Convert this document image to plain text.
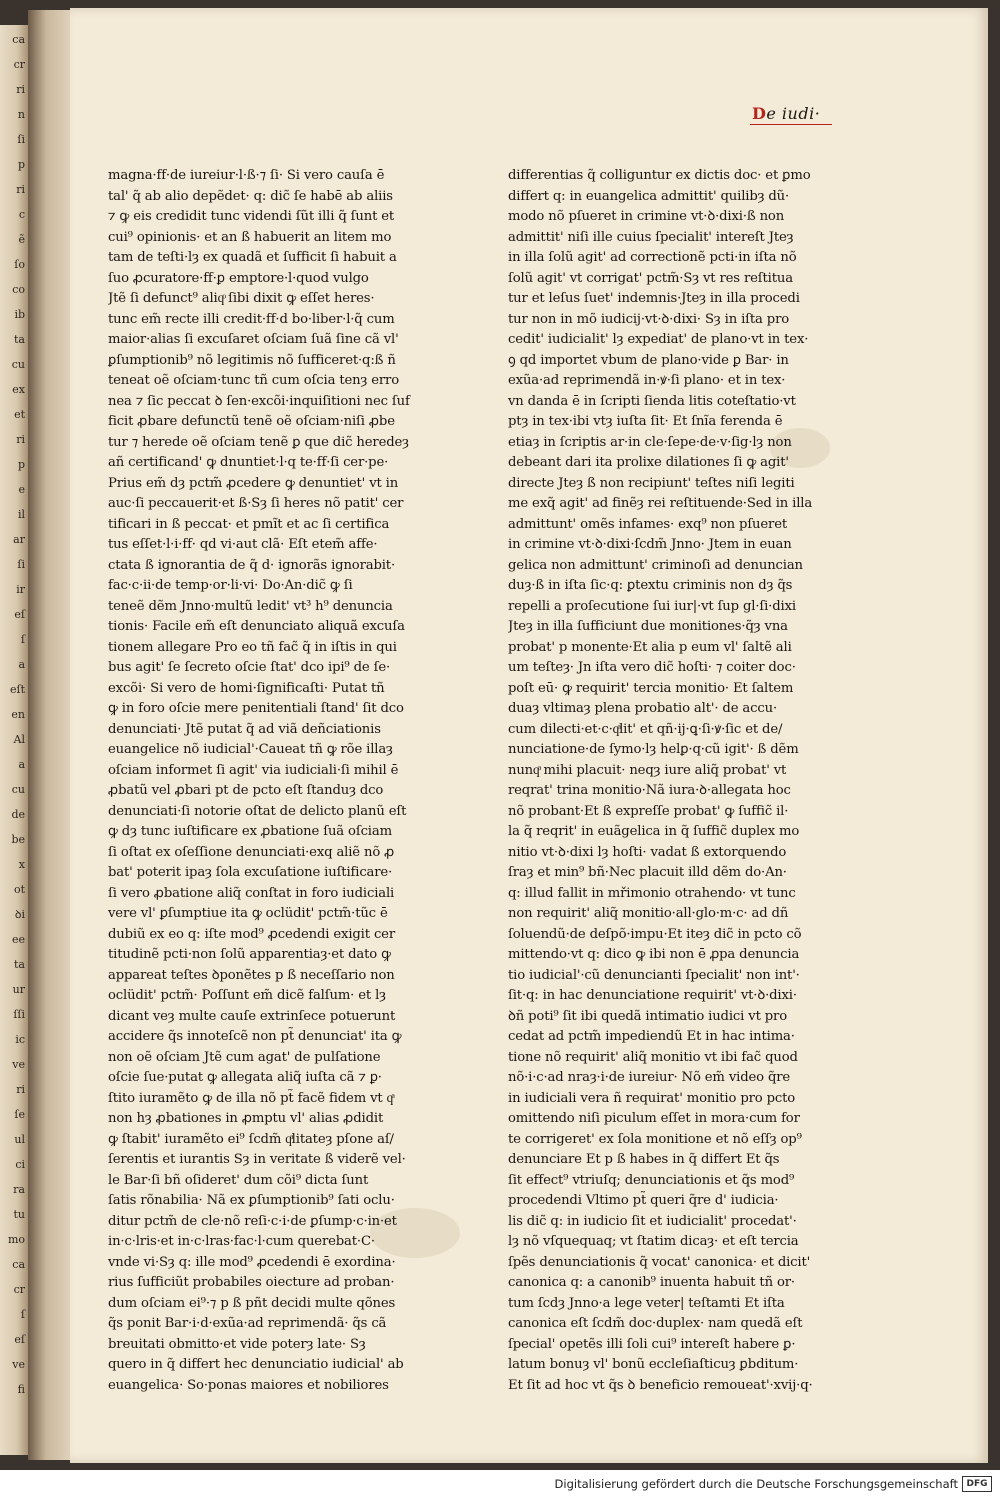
ca
cr
ri
n
ſi
p
ri
c
ẽ
ſo
co
ib
ta
cu
ex
et
ri
p
e
il
ar
ſi
ir
eſ
ſ
a
eſt
en
Al
a
cu
de
be
x
ot
ꝺi
ee
ta
ur
ſſi
ic
ve
ri
ſe
ul
ci
ra
tu
mo
ca
cr
ſ
eſ
ve
fi
De iudi·
magna·ff·de iureiur·l·ß·⁊ ſi· Si vero cauſa ē
tal' q̃ ab alio depẽdet· q: dic̃ ſe habē ab aliis
⁊ ꝙ eis credidit tunc videndi ſũt illi q̃ ſunt et
cui⁹ opinionis· et an ß habuerit an litem mo
tam de teſti·lȝ ex quadã et ſufficit ſi habuit a
ſuo ꝓcuratore·ff·ꝑ emptore·l·quod vulgo
Jtẽ ſi defunct⁹ aliqͦ ſibi dixit ꝙ eſſet heres·
tunc em̃ recte illi credit·ff·d bo·liber·l·q̃ cum
maior·alias ſi excuſaret oſciam ſuã ſine cã vl'
ꝑſumptionib⁹ nõ legitimis nõ ſufficeret·q:ß ñ
teneat oẽ oſciam·tunc tñ cum oſcia tenȝ erro
nea ⁊ ſic peccat ꝺ ſen·excõi·inquiſitioni nec ſuf
ficit ꝓbare defunctũ tenẽ oẽ oſciam·niſi ꝓbe
tur ⁊ herede oẽ oſciam tenẽ ꝑ que dic̃ heredeȝ
añ certificand' ꝙ dnuntiet·l·q te·ff·ſi cer·pe·
Prius em̃ dȝ pctm̃ ꝓcedere ꝙ denuntiet' vt in
auc·ſi peccauerit·et ß·Sȝ ſi heres nõ patit' cer
tificari in ß peccat· et pmĩt et ac ſi certifica
tus eſſet·l·i·ff· qd vi·aut clã· Eſt etem̃ affe·
ctata ß ignorantia de q̃ d· ignorãs ignorabit·
fac·c·ii·de temp·or·li·vi· Do·An·dic̃ ꝙ ſi
teneẽ dẽm Jnno·multũ ledit' vt³ h⁹ denuncia
tionis· Facile em̃ eſt denunciato aliquã excuſa
tionem allegare Pro eo tñ fac̃ q̃ in iſtis in qui
bus agit' ſe ſecreto oſcie ſtat' dco ipi⁹ de ſe·
excõi· Si vero de homi·ſignificaſti· Putat tñ
ꝙ in foro oſcie mere penitentiali ſtand' ſit dco
denunciati· Jtẽ putat q̃ ad viã deñciationis
euangelice nõ iudicial'·Caueat tñ ꝙ rõe illaȝ
oſciam informet ſi agit' via iudiciali·ſi mihil ē
ꝓbatũ vel ꝓbari pt de pcto eſt ſtanduȝ dco
denunciati·ſi notorie oſtat de delicto planũ eſt
ꝙ dȝ tunc iuſtificare ex ꝓbatione ſuã oſciam
ſi oſtat ex oſeſſione denunciati·exq aliẽ nõ ꝓ
bat' poterit ipaȝ ſola excuſatione iuſtificare·
ſi vero ꝓbatione aliq̃ conſtat in foro iudiciali
vere vl' ꝑſumptiue ita ꝙ oclüdit' pctm̃·tũc ē
dubiũ ex eo q: iſte mod⁹ ꝓcedendi exigit cer
titudinẽ pcti·non ſolũ apparentiaȝ·et dato ꝙ
appareat teſtes ꝺponẽtes p ß neceſſario non
oclüdit' pctm̃· Poſſunt em̃ dicẽ falſum· et lȝ
dicant veȝ multe cauſe extrinſece potuerunt
accidere q̃s innoteſcẽ non pt̃ denunciat' ita ꝙ
non oẽ oſciam Jtẽ cum agat' de pulſatione
oſcie ſue·putat ꝙ allegata aliq̃ iuſta cã ⁊ ꝑ·
ſtito iuramẽto ꝙ de illa nõ pt̃ facẽ fidem vt qͣ
non hȝ ꝓbationes in ꝓmptu vl' alias ꝓdidit
ꝙ ſtabit' iuramẽto ei⁹ ſcdm̃ qͣlitateȝ pſone aſ/
ſerentis et iurantis Sȝ in veritate ß viderẽ vel·
le Bar·ſi bñ oſideret' dum cõi⁹ dicta ſunt
ſatis rõnabilia· Nã ex ꝑſumptionib⁹ ſati oclu·
ditur pctm̃ de cle·nõ reſi·c·i·de ꝑſump·c·in·et
in·c·lris·et in·c·lras·fac·l·cum querebat·C·
vnde vi·Sȝ q: ille mod⁹ ꝓcedendi ē exordina·
rius ſufficiũt probabiles oiecture ad proban·
dum oſciam ei⁹·⁊ p ß pñt decidi multe qõnes
q̃s ponit Bar·i·d·exũa·ad reprimendã· q̃s cã
breuitati obmitto·et vide poterȝ late· Sȝ
quero in q̃ differt hec denunciatio iudicial' ab
euangelica· So·ponas maiores et nobiliores
differentias q̃ colliguntur ex dictis doc· et ꝑmo
differt q: in euangelica admittit' quilibȝ dũ·
modo nõ pſueret in crimine vt·ꝺ·dixi·ß non
admittit' niſi ille cuius ſpecialit' intereſt Jteȝ
in illa ſolũ agit' ad correctionẽ pcti·in iſta nõ
ſolũ agit' vt corrigat' pctm̃·Sȝ vt res reſtitua
tur et leſus ſuet' indemnis·Jteȝ in illa procedi
tur non in mõ iudicij·vt·ꝺ·dixi· Sȝ in iſta pro
cedit' iudicialit' lȝ expediat' de plano·vt in tex·
ꝯ qd importet vbum de plano·vide ꝑ Bar· in
exũa·ad reprimendã in·ꝟ·ſi plano· et in tex·
vn danda ē in ſcripti ſienda litis coteſtatio·vt
ptȝ in tex·ibi vtȝ iuſta ſit· Et ſnĩa ferenda ē
etiaȝ in ſcriptis ar·in cle·ſepe·de·v·ſig·lȝ non
debeant dari ita prolixe dilationes ſi ꝙ agit'
directe Jteȝ ß non recipiunt' teſtes niſi legiti
me exq̃ agit' ad finẽȝ rei reſtituende·Sed in illa
admittunt' omẽs infames· exq⁹ non pſueret
in crimine vt·ꝺ·dixi·ſcdm̃ Jnno· Jtem in euan
gelica non admittunt' criminoſi ad denuncian
duȝ·ß in iſta ſic·q: ꝑtextu criminis non dȝ q̃s
repelli a proſecutione ſui iur|·vt ſup gl·ſi·dixi
Jteȝ in illa ſufficiunt due monitiones·q̃ȝ vna
probat' p monente·Et alia p eum vl' ſaltẽ ali
um teſteȝ· Jn iſta vero dic̃ hoſti· ⁊ coiter doc·
poſt eū· ꝙ requirit' tercia monitio· Et ſaltem
duaȝ vltimaȝ plena probatio alt'· de accu·
cum dilecti·et·c·qͣlit' et qñ·ij·ꝗ·ſi·ꝟ·ſic et de/
nunciatione·de ſymo·lȝ helꝑ·q·cũ igit'· ß dẽm
nunqͣ mihi placuit· neqȝ iure aliq̃ probat' vt
reqrat' trina monitio·Nã iura·ꝺ·allegata hoc
nõ probant·Et ß expreſſe probat' ꝙ ſuffic̃ il·
la q̃ reqrit' in euãgelica in q̃ ſuffic̃ duplex mo
nitio vt·ꝺ·dixi lȝ hoſti· vadat ß extorquendo
ſraȝ et min⁹ bñ·Nec placuit illd dẽm do·An·
q: illud fallit in mřimonio otrahendo· vt tunc
non requirit' aliq̃ monitio·all·glo·m·c· ad dñ
ſoluendũ·de deſpõ·impu·Et iteȝ dic̃ in pcto cõ
mittendo·vt q: dico ꝙ ibi non ē ꝓpa denuncia
tio iudicial'·cũ denuncianti ſpecialit' non int'·
ſit·q: in hac denunciatione requirit' vt·ꝺ·dixi·
ꝺñ poti⁹ ſit ibi quedã intimatio iudici vt pro
cedat ad pctm̃ impediendũ Et in hac intima·
tione nõ requirit' aliq̃ monitio vt ibi fac̃ quod
nõ·i·c·ad nraȝ·i·de iureiur· Nõ em̃ video q̃re
in iudiciali vera ñ requirat' monitio pro pcto
omittendo niſi piculum eſſet in mora·cum for
te corrigeret' ex ſola monitione et nõ eſſȝ op⁹
denunciare Et p ß habes in q̃ differt Et q̃s
ſit effect⁹ vtriuſq; denunciationis et q̃s mod⁹
procedendi Vltimo pt̃ queri q̃re d' iudicia·
lis dic̃ q: in iudicio ſit et iudicialit' procedat'·
lȝ nõ vſquequaq; vt ſtatim dicaȝ· et eſt tercia
ſpẽs denunciationis q̃ vocat' canonica· et dicit'
canonica q: a canonib⁹ inuenta habuit tñ or·
tum ſcdȝ Jnno·a lege veter| teſtamti Et iſta
canonica eſt ſcdm̃ doc·duplex· nam quedã eſt
ſpecial' opetẽs illi ſoli cui⁹ intereſt habere ꝑ·
latum bonuȝ vl' bonũ eccleſiaſticuȝ ꝑbditum·
Et ſit ad hoc vt q̃s ꝺ beneficio remoueat'·xvij·q·
Digitalisierung gefördert durch die Deutsche Forschungsgemeinschaft DFG
